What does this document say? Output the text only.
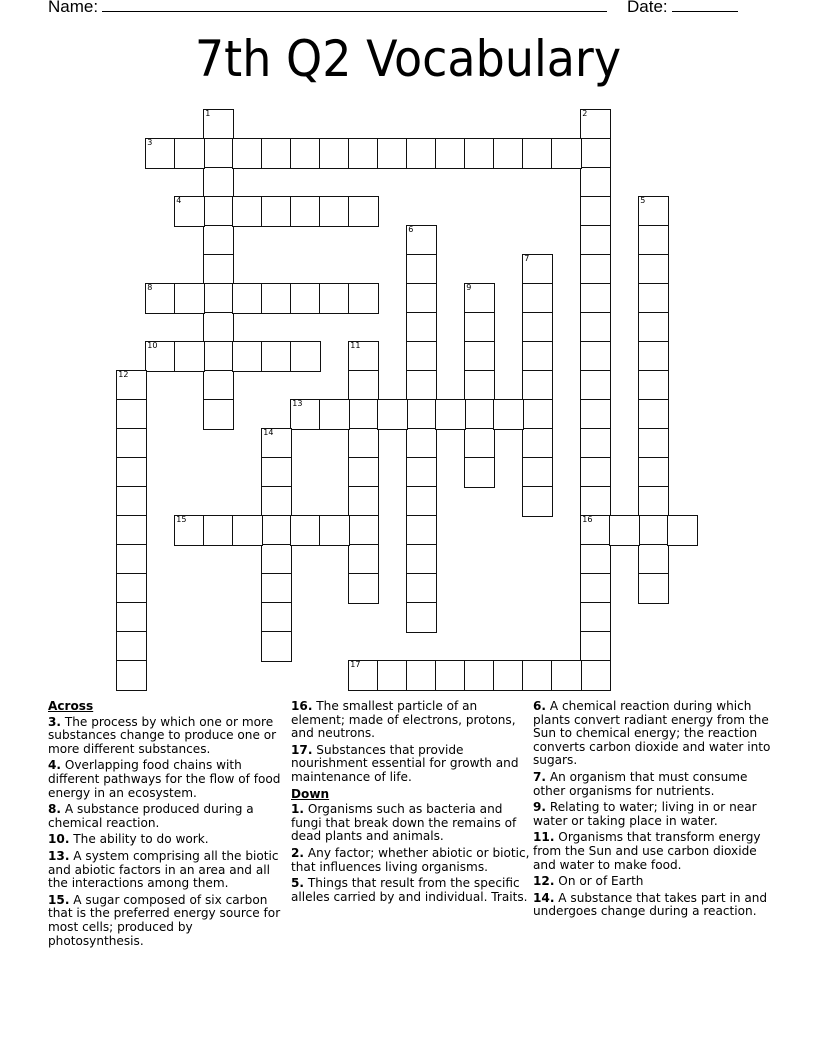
Name:	Date:
7th Q2 Vocabulary
1	2
16
3
4	5
6
7
8	9
10	11
12
13
14
15
17
Across
3. The process by which one or more substances change to produce one or more different substances.
4. Overlapping food chains with different pathways for the flow of food energy in an ecosystem.
8. A substance produced during a chemical reaction.
10. The ability to do work.
13. A system comprising all the biotic and abiotic factors in an area and all the interactions among them.
15. A sugar composed of six carbon that is the preferred energy source for most cells; produced by photosynthesis.
16. The smallest particle of an element; made of electrons, protons, and neutrons.
17. Substances that provide nourishment essential for growth and maintenance of life.
Down
1. Organisms such as bacteria and fungi that break down the remains of dead plants and animals.
2. Any factor; whether abiotic or biotic, that influences living organisms.
5. Things that result from the specific alleles carried by and individual. Traits.
6. A chemical reaction during which plants convert radiant energy from the Sun to chemical energy; the reaction converts carbon dioxide and water into sugars.
7. An organism that must consume other organisms for nutrients.
9. Relating to water; living in or near water or taking place in water.
11. Organisms that transform energy from the Sun and use carbon dioxide and water to make food.
12. On or of Earth
14. A substance that takes part in and undergoes change during a reaction.
